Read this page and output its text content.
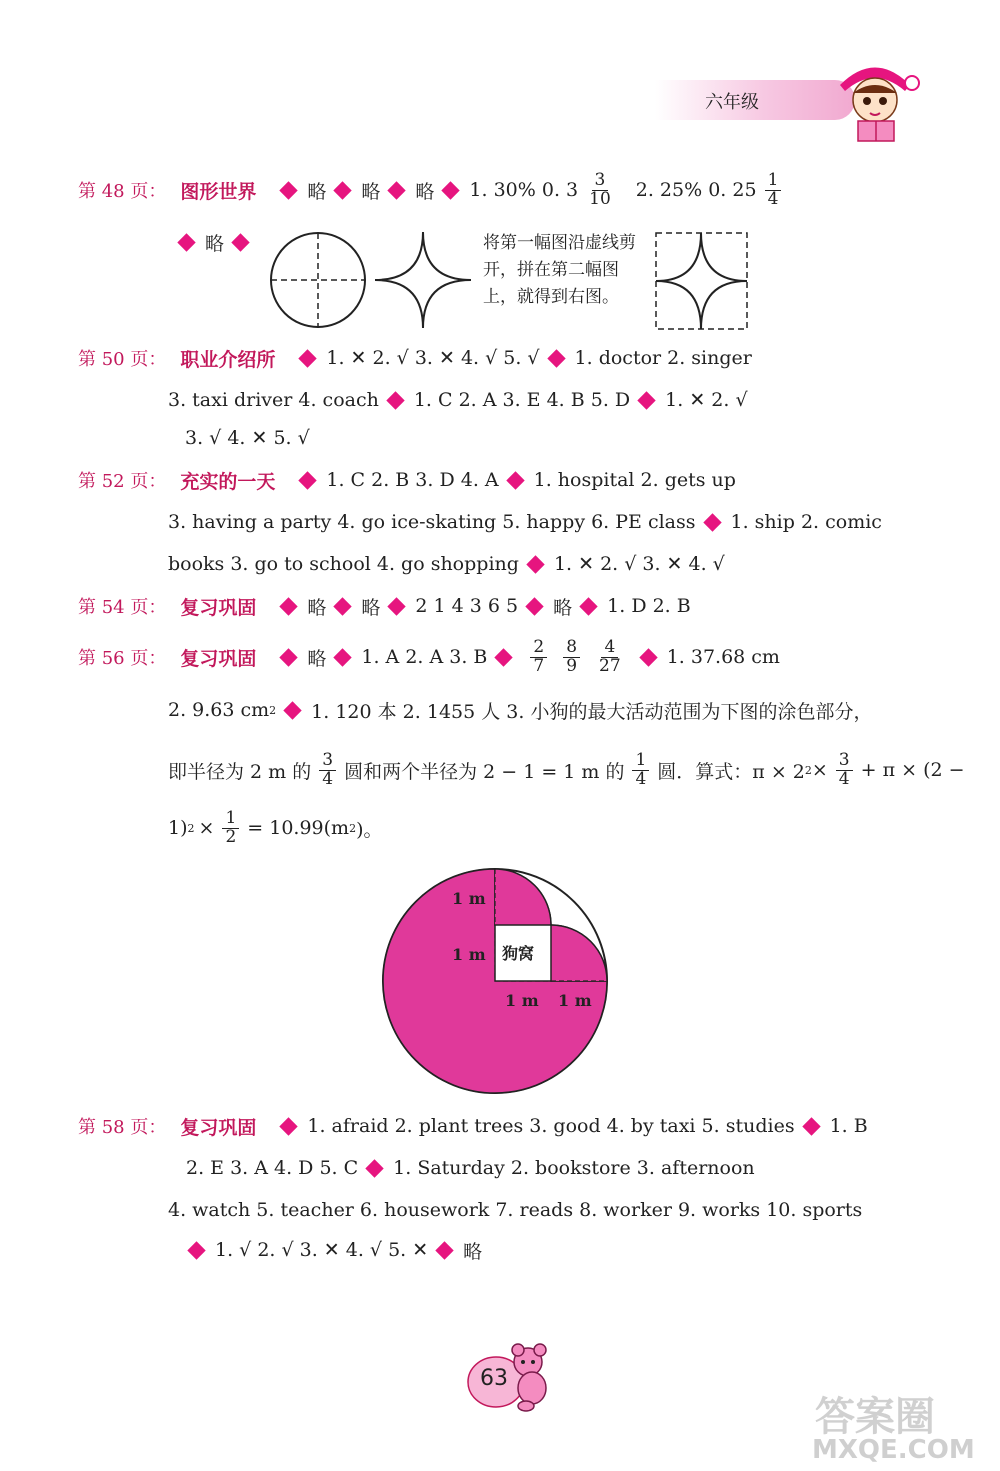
六年级
第 48 页： 图形世界	略 略 略 1. 30% 0. $3 \frac{3}{10} 2$. 25% 0. $25 \frac{1}{4}$
略	将第一幅图沿虚线剪开，拼在第二幅图上，就得到右图。
第 50 页： 职业介绍所	1. ✕ 2. √ 3. ✕ 4. √ 5. √ 1. doctor 2. singer
3. taxi driver 4. coach 1. C 2. A 3. E 4. B 5. D 1. ✕ 2. √
3. √ 4. ✕ 5. √
第 52 页： 充实的一天	1. C 2. B 3. D 4. A 1. hospital 2. gets up
3. having a party 4. go ice-skating 5. happy 6. PE class 1. ship 2. comic
books 3. go to school 4. go shopping 1. ✕ 2. √ 3. ✕ 4. √
第 54 页： 复习巩固	略 略 2 1 4 3 6 5 略 1. D 2. B
第 56 页： 复习巩固	略 1. A 2. A 3. B	$\frac{2}{7} \frac{8}{9} \frac{4}{27} 1$. 37.68 cm
2. 9.63 cm 2 1. 120 本 2. 1455 人 3. 小狗的最大活动范围为下图的涂色部分，
即半径为 2 m 的 $\frac{3}{4}$ 圆和两个半径为 2 − 1 = 1 m 的 $\frac{1}{4}$ 圆．算式：π × 2 $2 \times \frac{3}{4} + \pi \times (2$ −
1) $2 \times \frac{1}{2} = 10.99(m$ 2 )。
1 m
1 m
1 m 1 m
狗窝
第 58 页： 复习巩固	1. afraid 2. plant trees 3. good 4. by taxi 5. studies 1. B
2. E 3. A 4. D 5. C 1. Saturday 2. bookstore 3. afternoon
4. watch 5. teacher 6. housework 7. reads 8. worker 9. works 10. sports
1. √ 2. √ 3. ✕ 4. √ 5. ✕ 略
63
答案圈
MXQE.COM
